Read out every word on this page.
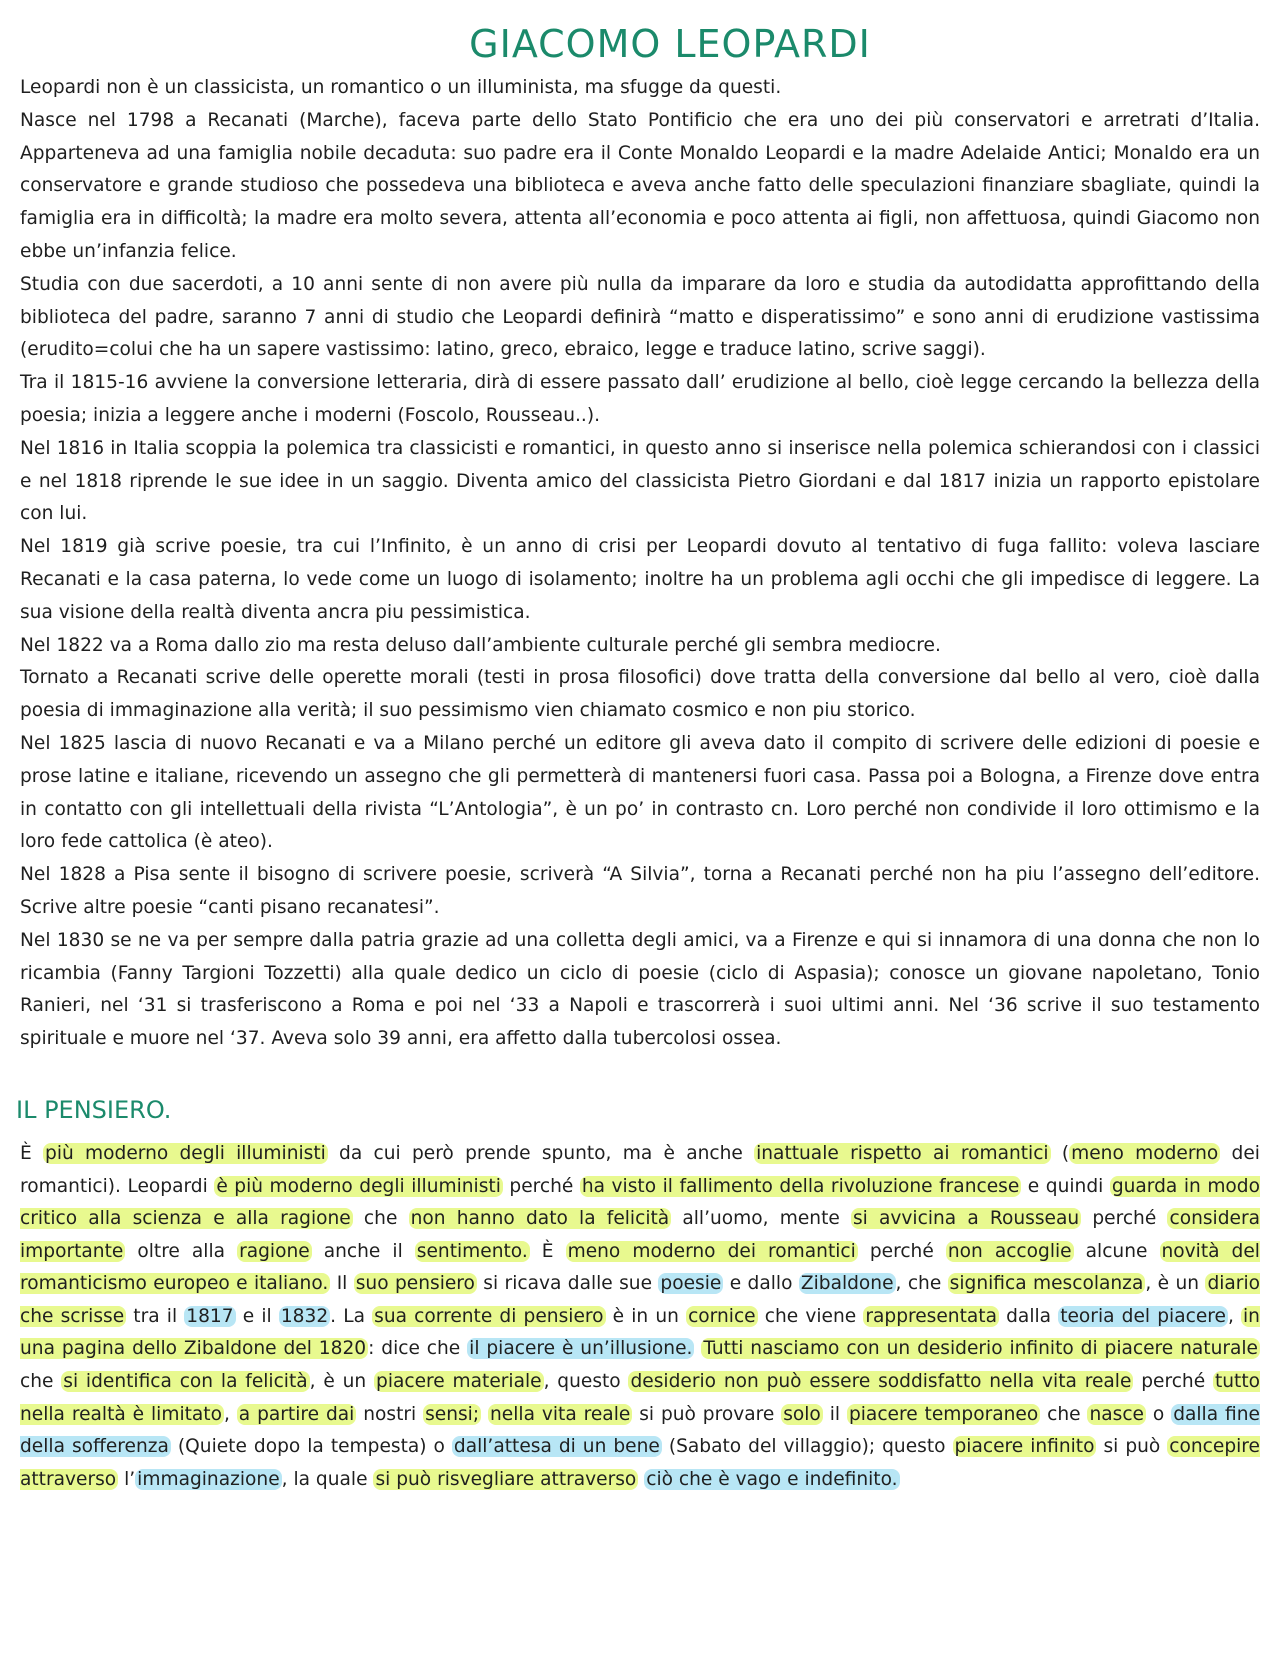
GIACOMO LEOPARDI

Leopardi non è un classicista, un romantico o un illuminista, ma sfugge da questi.

Nasce nel 1798 a Recanati (Marche), faceva parte dello Stato Pontificio che era uno dei più conservatori e arretrati d’Italia. Apparteneva ad una famiglia nobile decaduta: suo padre era il Conte Monaldo Leopardi e la madre Adelaide Antici; Monaldo era un conservatore e grande studioso che possedeva una biblioteca e aveva anche fatto delle speculazioni finanziare sbagliate, quindi la famiglia era in difficoltà; la madre era molto severa, attenta all’economia e poco attenta ai figli, non affettuosa, quindi Giacomo non ebbe un’infanzia felice.

Studia con due sacerdoti, a 10 anni sente di non avere più nulla da imparare da loro e studia da autodidatta approfittando della biblioteca del padre, saranno 7 anni di studio che Leopardi definirà “matto e disperatissimo” e sono anni di erudizione vastissima (erudito=colui che ha un sapere vastissimo: latino, greco, ebraico, legge e traduce latino, scrive saggi).

Tra il 1815-16 avviene la conversione letteraria, dirà di essere passato dall’ erudizione al bello, cioè legge cercando la bellezza della poesia; inizia a leggere anche i moderni (Foscolo, Rousseau..).

Nel 1816 in Italia scoppia la polemica tra classicisti e romantici, in questo anno si inserisce nella polemica schierandosi con i classici e nel 1818 riprende le sue idee in un saggio. Diventa amico del classicista Pietro Giordani e dal 1817 inizia un rapporto epistolare con lui.

Nel 1819 già scrive poesie, tra cui l’Infinito, è un anno di crisi per Leopardi dovuto al tentativo di fuga fallito: voleva lasciare Recanati e la casa paterna, lo vede come un luogo di isolamento; inoltre ha un problema agli occhi che gli impedisce di leggere. La sua visione della realtà diventa ancra piu pessimistica.

Nel 1822 va a Roma dallo zio ma resta deluso dall’ambiente culturale perché gli sembra mediocre.

Tornato a Recanati scrive delle operette morali (testi in prosa filosofici) dove tratta della conversione dal bello al vero, cioè dalla poesia di immaginazione alla verità; il suo pessimismo vien chiamato cosmico e non piu storico.

Nel 1825 lascia di nuovo Recanati e va a Milano perché un editore gli aveva dato il compito di scrivere delle edizioni di poesie e prose latine e italiane, ricevendo un assegno che gli permetterà di mantenersi fuori casa. Passa poi a Bologna, a Firenze dove entra in contatto con gli intellettuali della rivista “L’Antologia”, è un po’ in contrasto cn. Loro perché non condivide il loro ottimismo e la loro fede cattolica (è ateo).

Nel 1828 a Pisa sente il bisogno di scrivere poesie, scriverà “A Silvia”, torna a Recanati perché non ha piu l’assegno dell’editore. Scrive altre poesie “canti pisano recanatesi”.

Nel 1830 se ne va per sempre dalla patria grazie ad una colletta degli amici, va a Firenze e qui si innamora di una donna che non lo ricambia (Fanny Targioni Tozzetti) alla quale dedico un ciclo di poesie (ciclo di Aspasia); conosce un giovane napoletano, Tonio Ranieri, nel ‘31 si trasferiscono a Roma e poi nel ‘33 a Napoli e trascorrerà i suoi ultimi anni. Nel ‘36 scrive il suo testamento spirituale e muore nel ‘37. Aveva solo 39 anni, era affetto dalla tubercolosi ossea.

IL PENSIERO.

È più moderno degli illuministi da cui però prende spunto, ma è anche inattuale rispetto ai romantici ( meno moderno dei romantici). Leopardi è più moderno degli illuministi perché ha visto il fallimento della rivoluzione francese e quindi guarda in modo critico alla scienza e alla ragione che non hanno dato la felicità all’uomo, mente si avvicina a Rousseau perché considera importante oltre alla ragione anche il sentimento. È meno moderno dei romantici perché non accoglie alcune novità del romanticismo europeo e italiano. Il suo pensiero si ricava dalle sue poesie e dallo Zibaldone , che significa mescolanza , è un diario che scrisse tra il 1817 e il 1832 . La sua corrente di pensiero è in un cornice che viene rappresentata dalla teoria del piacere , in una pagina dello Zibaldone del 1820 : dice che il piacere è un’illusione. Tutti nasciamo con un desiderio infinito di piacere naturale che si identifica con la felicità , è un piacere materiale , questo desiderio non può essere soddisfatto nella vita reale perché tutto nella realtà è limitato , a partire dai nostri sensi; nella vita reale si può provare solo il piacere temporaneo che nasce o dalla fine della sofferenza (Quiete dopo la tempesta) o dall’attesa di un bene (Sabato del villaggio); questo piacere infinito si può concepire attraverso l’ immaginazione , la quale si può risvegliare attraverso ciò che è vago e indefinito.
